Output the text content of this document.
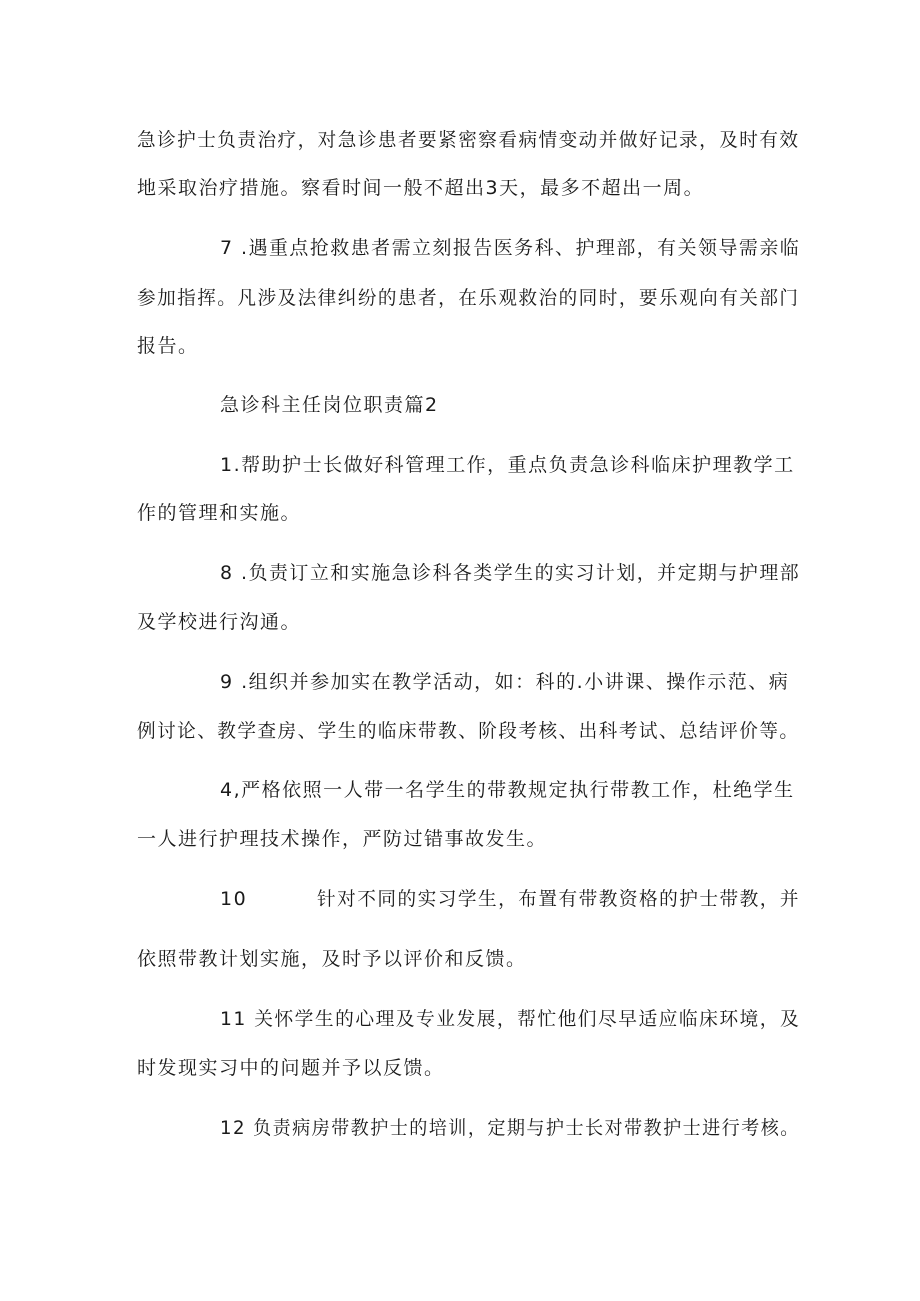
急诊护士负责治疗，对急诊患者要紧密察看病情变动并做好记录，及时有效
地采取治疗措施。察看时间一般不超出3天，最多不超出一周。
7 .遇重点抢救患者需立刻报告医务科、护理部，有关领导需亲临
参加指挥。凡涉及法律纠纷的患者，在乐观救治的同时，要乐观向有关部门
报告。
急诊科主任岗位职责篇2
1.帮助护士长做好科管理工作，重点负责急诊科临床护理教学工
作的管理和实施。
8 .负责订立和实施急诊科各类学生的实习计划，并定期与护理部
及学校进行沟通。
9 .组织并参加实在教学活动，如：科的.小讲课、操作示范、病
例讨论、教学查房、学生的临床带教、阶段考核、出科考试、总结评价等。
4,严格依照一人带一名学生的带教规定执行带教工作，杜绝学生
一人进行护理技术操作，严防过错事故发生。
10	针对不同的实习学生，布置有带教资格的护士带教，并
依照带教计划实施，及时予以评价和反馈。
11 关怀学生的心理及专业发展，帮忙他们尽早适应临床环境，及
时发现实习中的问题并予以反馈。
12 负责病房带教护士的培训，定期与护士长对带教护士进行考核。
